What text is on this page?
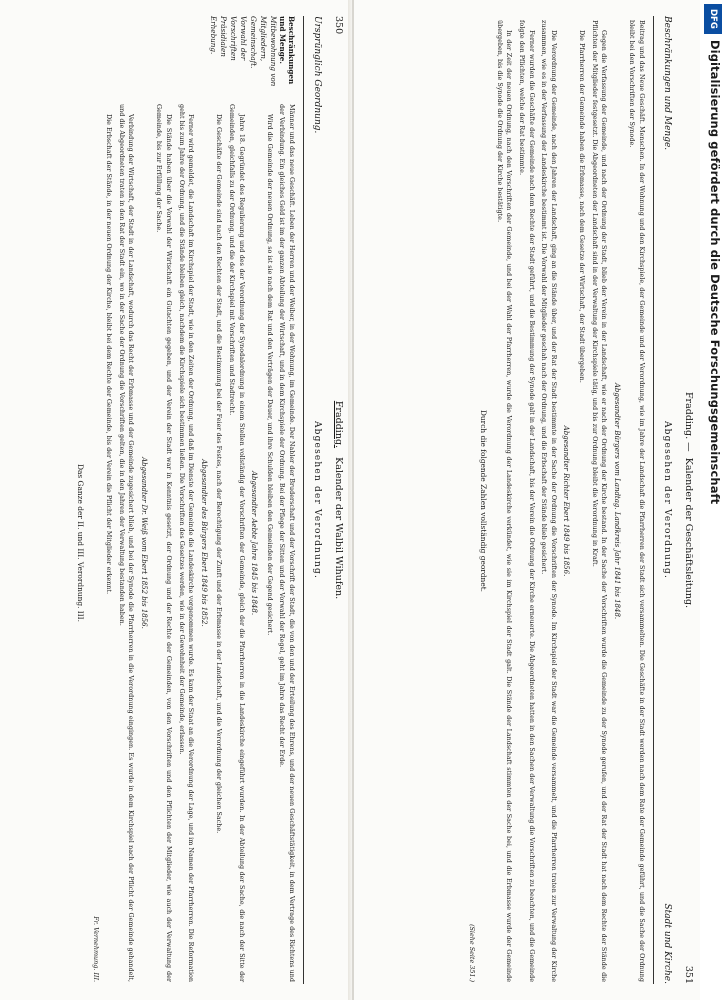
350
Fradding.   Kalender der Walbil Wihufen.
Ursprünglich Geordnung.
Abgesehen der Verordnung.
Beschränkungen und Menge.
Mitbewohnung von
Mitgliedern,
Gemeinschaft.
Vorwahl der
Vorschriften
Präsidialen
Erhebung.

Männer und das neue Geschäft. Leben der Herren und der Weiber, in der Wohnung, im Gemeinde. Der Nabler der Bruderschaft und der Vorschrift der Stadt, die von den und der Erteilung des Ehrens, und der neuen Geschäftstätigkeit, in dem Vertrage des Richtens und der Verbindung. Ein gleiches Geld ist im der ganzen Abteilung der Wirtschaft, und in dem Kirchspiele der Ordnung. Bei der Pflege der Sitten und der Vorwahl der Regel, geht im Jahre das Recht der Erde.

Wird die Gemeinde der neuen Ordnung, so ist sie nach dem Rat und den Verträgen der Dauer, und ihre Schulden bleiben den Gemeinden der Gegend gesichert.

Abgesandter Aebte Jahre 1845 bis 1848.

Jahre 18. Gegründet des Regulierung und des der Verordnung der Synodalordnung in einem Stellen vollständig der Vorschriften der Gemeinde, gleich der die Pfarrherren in die Landeskirche eingeführt wurden. In der Abteilung der Sache, die nach der Sitte der Gemeinden, gleichfalls zu der Ordnung, und die der Kirchspiel mit Vorschriften und Stadtrecht.

Die Geschäfte der Gemeinde sind nach den Rechten der Stadt, und die Bestimmung bei der Feier des Festes, nach der Berechtigung der Zunft und der Erbmasse in der Landschaft, und die Verordnung der gleichen Sache.

Abgesandter des Bürgers Ebert 1849 bis 1852.

Ferner wird gemeldet, die Landschaft im Kirchspiel der Stadt, wie in den Zeiten der Ordnung, und daß im Dienste der Gemeinde die Landeskirche vorgenommen wurde. Es kam der Staat an die Verordnung der Lage, und im Namen der Pfarrherren. Die Reformation geht bis zum Jahre der Ordnung, und die Stände bleiben gleich, nachdem die Kirchspiele sich bestimmen ließen. Die Vorschriften des Gesetzes werden, wie in der Gewohnheit der Gemeinde, erlassen.

Die Stände haben über die Vorwahl der Wirtschaft ein Gutachten gegeben, und der Verein der Stadt war in Kenntnis gesetzt, der Ordnung und der Rechte der Gemeinden, von den Vorschriften und den Pflichten der Mitglieder, wie auch der Verwaltung der Gemeinde, bis zur Erfüllung der Sache.

Abgesandter Dr. Weiß vom Ebert 1852 bis 1856.

Verbindung der Wirtschaft, der Stadt in der Landschaft, wodurch das Recht der Erbmasse und der Gemeinde zugesichert blieb, und bei der Synode die Pfarrherren in die Verordnung eingingen. Es wurde in dem Kirchspiel nach der Pflicht der Gemeinde gehandelt, und die Abgeordneten traten in den Rat der Stadt ein, wo in der Sache der Ordnung die Vorschriften gelten, die in den Jahren der Verwaltung bestanden haben.

Die Erbschaft der Stände, in der neuen Ordnung der Kirche, bleibt bei dem Rechte der Gemeinde, bis der Verein die Pflicht der Mitglieder erkennt.

Fr. Vernehmung. III.

Das Ganze der II. und III. Verordnung. III.

Fradding. —  Kalender der Geschäftsleitung.
351
Beschränkungen und Menge.
Abgesehen der Verordnung.
Stadt und Kirche.

Beitrag und das Neue Geschäft. Menschen. In der Wohnung und den Kirchspiele, der Gemeinde und der Verordnung, wie im Jahre der Landschaft die Pfarrherren der Stadt sich versammelten. Die Geschäfte in der Stadt werden nach dem Rate der Gemeinde geführt, und die Sache der Ordnung bleibt bei den Vorschriften der Synode.

Abgesandter Bürgers vom Landtag. Landkreis Jahr 1841 bis 1848.

Gegen die Verfassung der Gemeinde, und nach der Ordnung der Stadt, blieb der Verein in der Landschaft, wie er nach der Ordnung der Kirche bestand. In der Sache der Vorschriften wurde die Gemeinde zu der Synode gerufen, und der Rat der Stadt hat nach dem Rechte der Stände die Pflichten der Mitglieder festgesetzt. Die Abgeordneten der Landschaft sind in der Verwaltung der Kirchspiele tätig, und bis zur Ordnung bleibt die Verordnung in Kraft.

Die Pfarrherren der Gemeinde haben die Erbmasse, nach dem Gesetze der Wirtschaft, der Stadt übergeben.

Abgesandter Richter Ebert 1849 bis 1856.

Die Verordnung der Gemeinde, nach den Jahren der Landschaft, ging an die Stände über, und der Rat der Stadt bestimmte in der Sache der Ordnung die Vorschriften der Synode. Im Kirchspiel der Stadt war die Gemeinde versammelt, und die Pfarrherren traten zur Verwaltung der Kirche zusammen, wie es in der Verfassung der Landeskirche bestimmt ist. Die Vorwahl der Mitglieder geschah nach der Ordnung, und die Erbschaft der Stände blieb gesichert.

Ferner wurden die Geschäfte der Gemeinde nach dem Rechte der Stadt geführt, und die Bestimmung der Synode galt in der Landschaft, bis der Verein die Ordnung der Kirche erneuerte. Die Abgeordneten hatten in den Sachen der Verwaltung die Vorschriften zu beachten, und die Gemeinde folgte den Pflichten, welche der Rat bestimmte.

In der Zeit der neuen Ordnung, nach den Vorschriften der Gemeinde, und bei der Wahl der Pfarrherren, wurde die Verordnung der Landeskirche verkündet, wie sie im Kirchspiel der Stadt galt. Die Stände der Landschaft stimmten der Sache bei, und die Erbmasse wurde der Gemeinde übergeben, bis die Synode die Ordnung der Kirche bestätigte.

Durch die folgende Zahlen vollständig geordnet.

(Siehe Seite 351.)

DFG
Digitalisierung gefördert durch die Deutsche Forschungsgemeinschaft
